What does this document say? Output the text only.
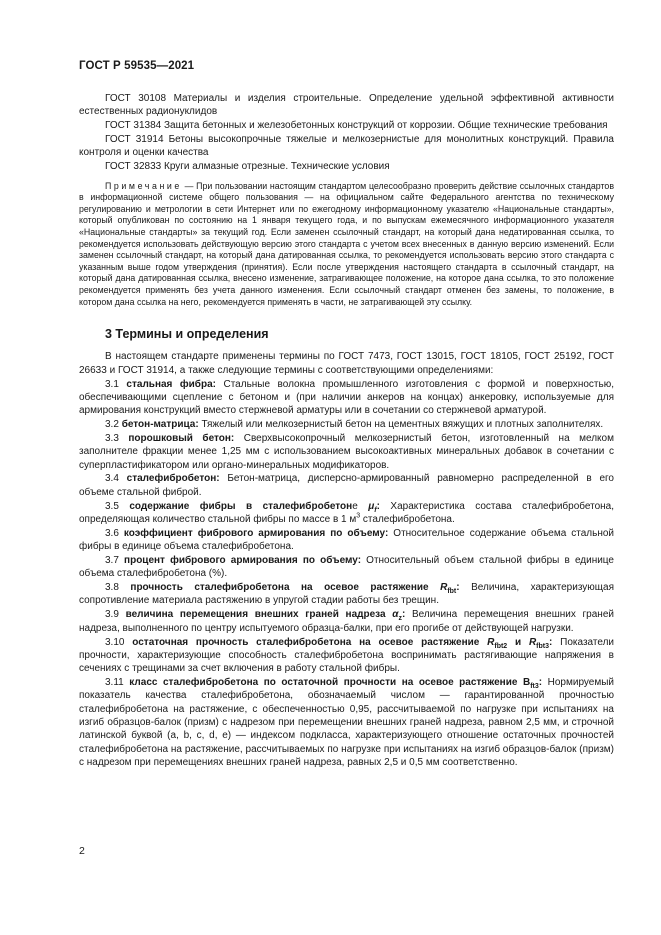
ГОСТ Р 59535—2021

ГОСТ 30108 Материалы и изделия строительные. Определение удельной эффективной активности естественных радионуклидов

ГОСТ 31384 Защита бетонных и железобетонных конструкций от коррозии. Общие технические требования

ГОСТ 31914 Бетоны высокопрочные тяжелые и мелкозернистые для монолитных конструкций. Правила контроля и оценки качества

ГОСТ 32833 Круги алмазные отрезные. Технические условия

Примечание — При пользовании настоящим стандартом целесообразно проверить действие ссылочных стандартов в информационной системе общего пользования — на официальном сайте Федерального агентства по техническому регулированию и метрологии в сети Интернет или по ежегодному информационному указателю «Национальные стандарты», который опубликован по состоянию на 1 января текущего года, и по выпускам ежемесячного информационного указателя «Национальные стандарты» за текущий год. Если заменен ссылочный стандарт, на который дана недатированная ссылка, то рекомендуется использовать действующую версию этого стандарта с учетом всех внесенных в данную версию изменений. Если заменен ссылочный стандарт, на который дана датированная ссылка, то рекомендуется использовать версию этого стандарта с указанным выше годом утверждения (принятия). Если после утверждения настоящего стандарта в ссылочный стандарт, на который дана датированная ссылка, внесено изменение, затрагивающее положение, на которое дана ссылка, то это положение рекомендуется применять без учета данного изменения. Если ссылочный стандарт отменен без замены, то положение, в котором дана ссылка на него, рекомендуется применять в части, не затрагивающей эту ссылку.

3 Термины и определения

В настоящем стандарте применены термины по ГОСТ 7473, ГОСТ 13015, ГОСТ 18105, ГОСТ 25192, ГОСТ 26633 и ГОСТ 31914, а также следующие термины с соответствующими определениями:

3.1 стальная фибра: Стальные волокна промышленного изготовления с формой и поверхностью, обеспечивающими сцепление с бетоном и (при наличии анкеров на концах) анкеровку, используемые для армирования конструкций вместо стержневой арматуры или в сочетании со стержневой арматурой.

3.2 бетон-матрица: Тяжелый или мелкозернистый бетон на цементных вяжущих и плотных заполнителях.

3.3 порошковый бетон: Сверхвысокопрочный мелкозернистый бетон, изготовленный на мелком заполнителе фракции менее 1,25 мм с использованием высокоактивных минеральных добавок в сочетании с суперпластификатором или органо-минеральных модификаторов.

3.4 сталефибробетон: Бетон-матрица, дисперсно-армированный равномерно распределенной в его объеме стальной фиброй.

3.5 содержание фибры в сталефибробетоне $\mu_f$: Характеристика состава сталефибробетона, определяющая количество стальной фибры по массе в 1 $м^3$ сталефибробетона.

3.6 коэффициент фибрового армирования по объему: Относительное содержание объема стальной фибры в единице объема сталефибробетона.

3.7 процент фибрового армирования по объему: Относительный объем стальной фибры в единице объема сталефибробетона (%).

3.8 прочность сталефибробетона на осевое растяжение $R_{fbt}$: Величина, характеризующая сопротивление материала растяжению в упругой стадии работы без трещин.

3.9 величина перемещения внешних граней надреза $\alpha_z$: Величина перемещения внешних граней надреза, выполненного по центру испытуемого образца-балки, при его прогибе от действующей нагрузки.

3.10 остаточная прочность сталефибробетона на осевое растяжение $R_{fbt2}$ и $R_{fbt3}$: Показатели прочности, характеризующие способность сталефибробетона воспринимать растягивающие напряжения в сечениях с трещинами за счет включения в работу стальной фибры.

3.11 класс сталефибробетона по остаточной прочности на осевое растяжение $В_{ft3}$: Нормируемый показатель качества сталефибробетона, обозначаемый числом — гарантированной прочностью сталефибробетона на растяжение, с обеспеченностью 0,95, рассчитываемой по нагрузке при испытаниях на изгиб образцов-балок (призм) с надрезом при перемещении внешних граней надреза, равном 2,5 мм, и строчной латинской буквой (а, b, с, d, e) — индексом подкласса, характеризующего отношение остаточных прочностей сталефибробетона на растяжение, рассчитываемых по нагрузке при испытаниях на изгиб образцов-балок (призм) с надрезом при перемещениях внешних граней надреза, равных 2,5 и 0,5 мм соответственно.

2
